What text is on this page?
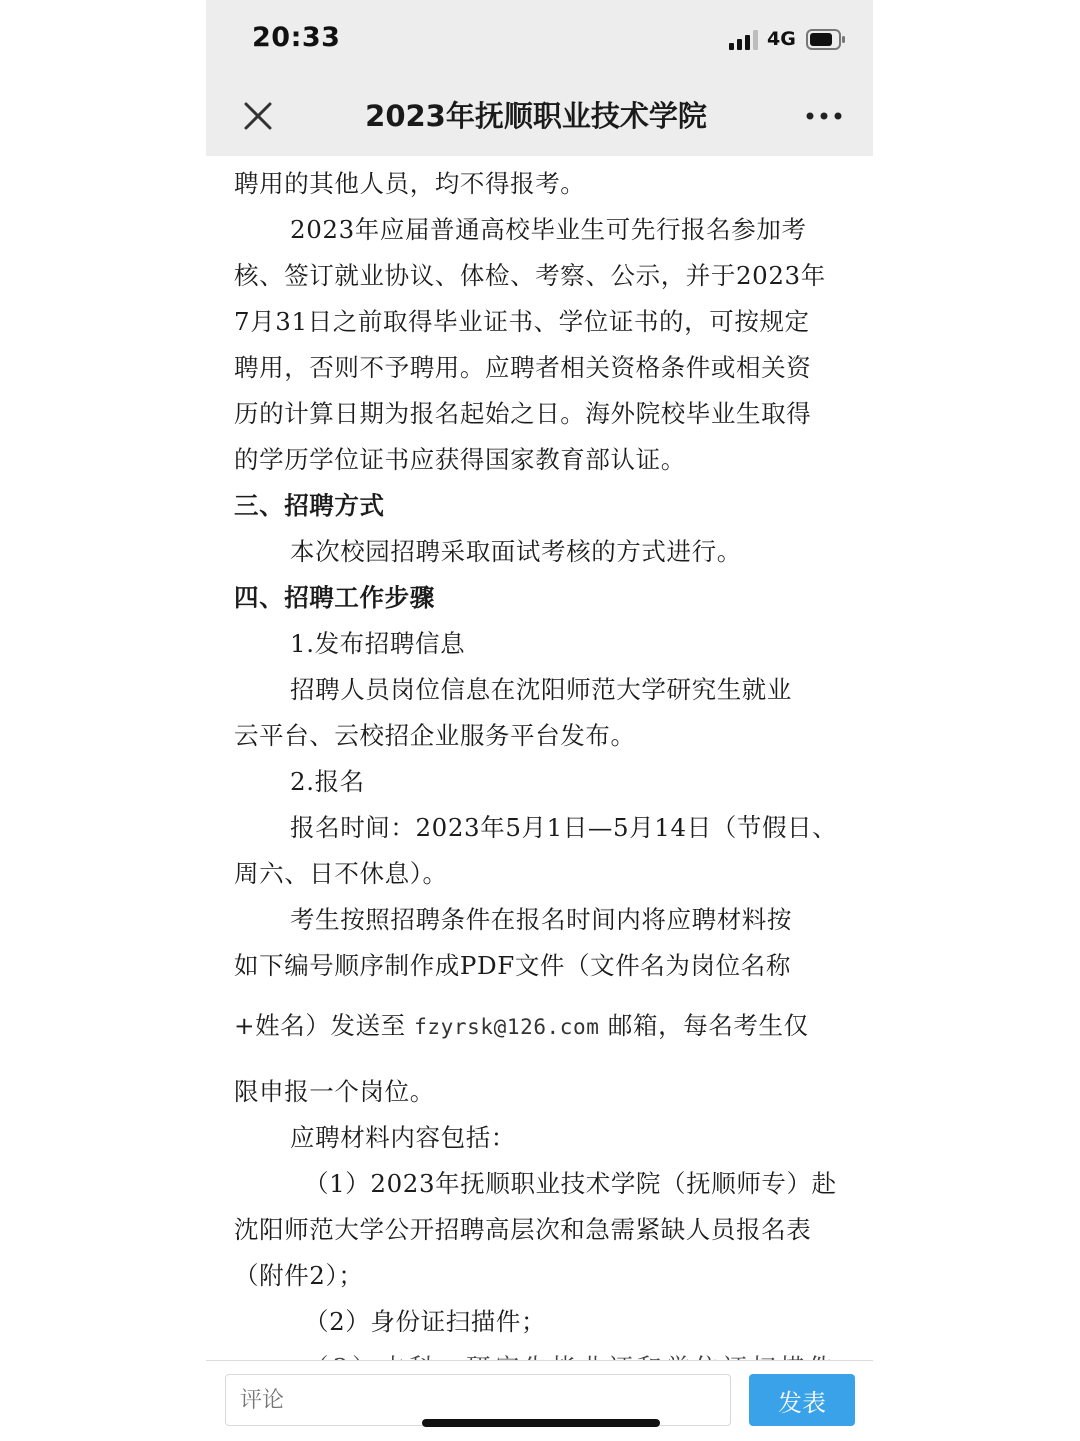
20:33	4G
2023年抚顺职业技术学院
聘用的其他人员，均不得报考。
2023年应届普通高校毕业生可先行报名参加考
核、签订就业协议、体检、考察、公示，并于2023年
7月31日之前取得毕业证书、学位证书的，可按规定
聘用，否则不予聘用。应聘者相关资格条件或相关资
历的计算日期为报名起始之日。海外院校毕业生取得
的学历学位证书应获得国家教育部认证。
三、招聘方式
本次校园招聘采取面试考核的方式进行。
四、招聘工作步骤
1.发布招聘信息
招聘人员岗位信息在沈阳师范大学研究生就业
云平台、云校招企业服务平台发布。
2.报名
报名时间：2023年5月1日—5月14日（节假日、
周六、日不休息）。
考生按照招聘条件在报名时间内将应聘材料按
如下编号顺序制作成PDF文件（文件名为岗位名称
+姓名）发送至 fzyrsk@126.com 邮箱，每名考生仅
限申报一个岗位。
应聘材料内容包括：
（1）2023年抚顺职业技术学院（抚顺师专）赴
沈阳师范大学公开招聘高层次和急需紧缺人员报名表
（附件2）；
（2）身份证扫描件；
评论
发表
